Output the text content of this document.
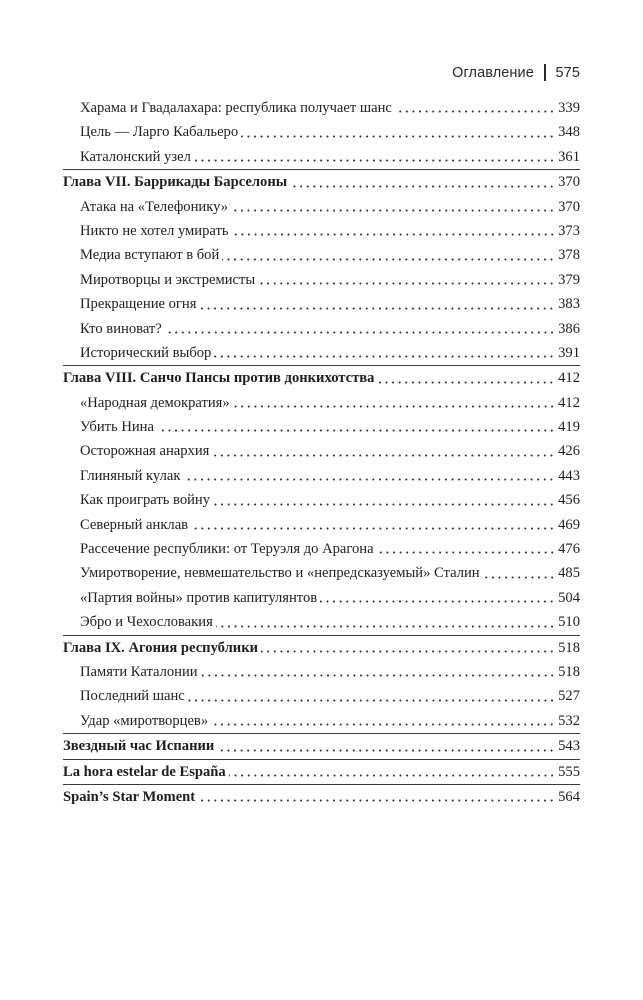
Оглавление 575
Харама и Гвадалахара: республика получает шанс	339
Цель — Ларго Кабальеро	348
Каталонский узел	361
Глава VII. Баррикады Барселоны	370
Атака на «Телефонику»	370
Никто не хотел умирать	373
Медиа вступают в бой	378
Миротворцы и экстремисты	379
Прекращение огня	383
Кто виноват?	386
Исторический выбор	391
Глава VIII. Санчо Пансы против донкихотства	412
«Народная демократия»	412
Убить Нина	419
Осторожная анархия	426
Глиняный кулак	443
Как проиграть войну	456
Северный анклав	469
Рассечение республики: от Теруэля до Арагона	476
Умиротворение, невмешательство и «непредсказуемый» Сталин	485
«Партия войны» против капитулянтов	504
Эбро и Чехословакия	510
Глава IX. Агония республики	518
Памяти Каталонии	518
Последний шанс	527
Удар «миротворцев»	532
Звездный час Испании	543
La hora estelar de España	555
Spain’s Star Moment	564
